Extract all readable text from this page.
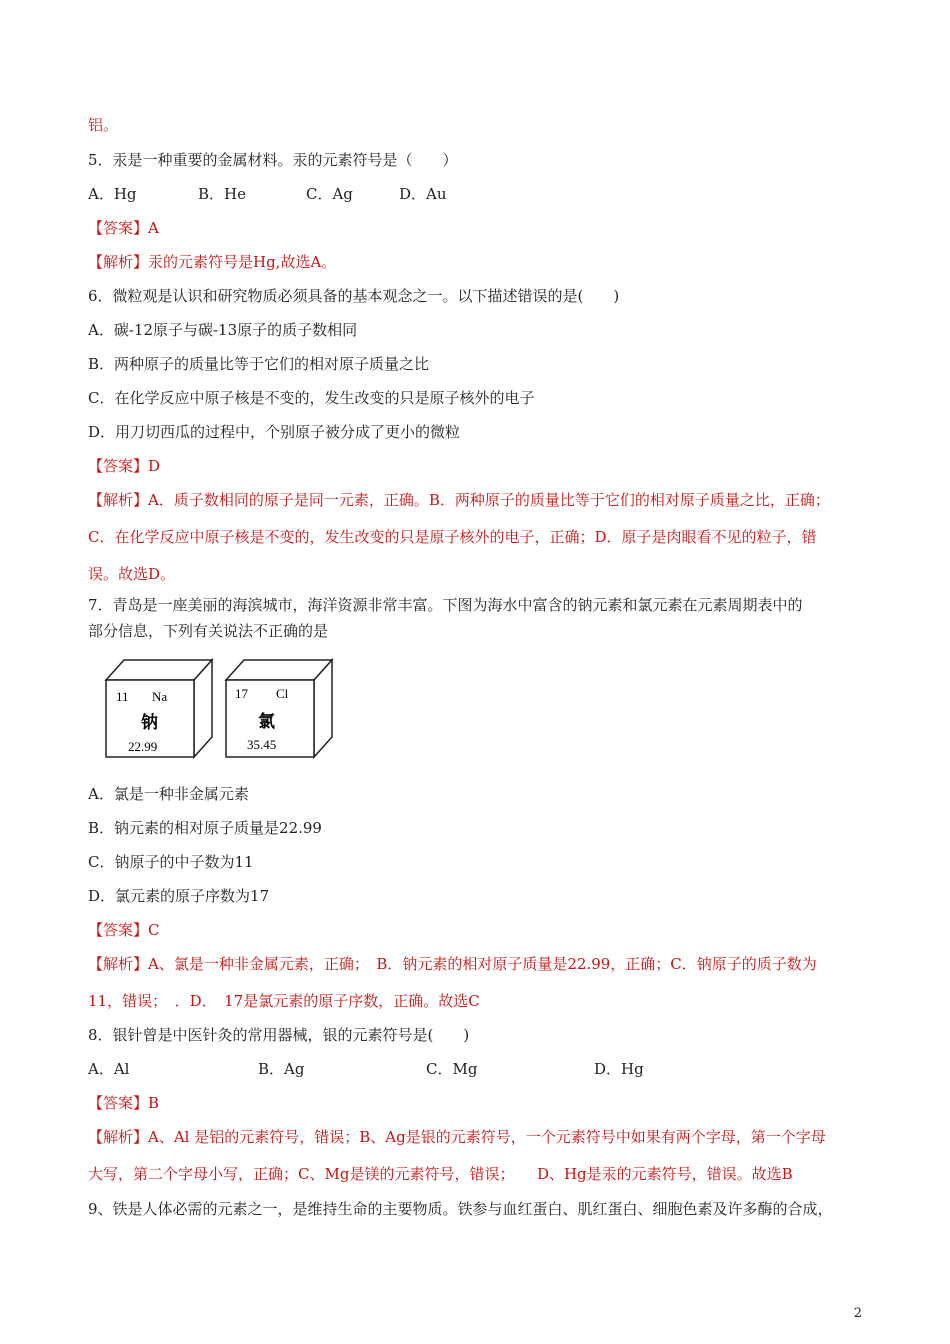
铝。
5．汞是一种重要的金属材料。汞的元素符号是（　　）
A．Hg	B．He	C．Ag	D．Au
【答案】A
【解析】汞的元素符号是Hg,故选A。
6．微粒观是认识和研究物质必须具备的基本观念之一。以下描述错误的是(　　)
A．碳-12原子与碳-13原子的质子数相同
B．两种原子的质量比等于它们的相对原子质量之比
C．在化学反应中原子核是不变的，发生改变的只是原子核外的电子
D．用刀切西瓜的过程中，个别原子被分成了更小的微粒
【答案】D
【解析】A．质子数相同的原子是同一元素，正确。B．两种原子的质量比等于它们的相对原子质量之比，正确；
C．在化学反应中原子核是不变的，发生改变的只是原子核外的电子，正确；D．原子是肉眼看不见的粒子，错
误。故选D。
7．青岛是一座美丽的海滨城市，海洋资源非常丰富。下图为海水中富含的钠元素和氯元素在元素周期表中的
部分信息，下列有关说法不正确的是
11 Na
钠
22.99
17 Cl
氯
35.45
A．氯是一种非金属元素
B．钠元素的相对原子质量是22.99
C．钠原子的中子数为11
D．氯元素的原子序数为17
【答案】C
【解析】A、氯是一种非金属元素，正确；　B．钠元素的相对原子质量是22.99，正确；C．钠原子的质子数为
11，错误；　．D．　17是氯元素的原子序数，正确。故选C
8．银针曾是中医针灸的常用器械，银的元素符号是(　　)
A．Al	B．Ag	C．Mg	D．Hg
【答案】B
【解析】A、Al 是铝的元素符号，错误；B、Ag是银的元素符号，一个元素符号中如果有两个字母，第一个字母
大写，第二个字母小写，正确；C、Mg是镁的元素符号，错误；　　D、Hg是汞的元素符号，错误。故选B
9、铁是人体必需的元素之一，是维持生命的主要物质。铁参与血红蛋白、肌红蛋白、细胞色素及许多酶的合成，
2
